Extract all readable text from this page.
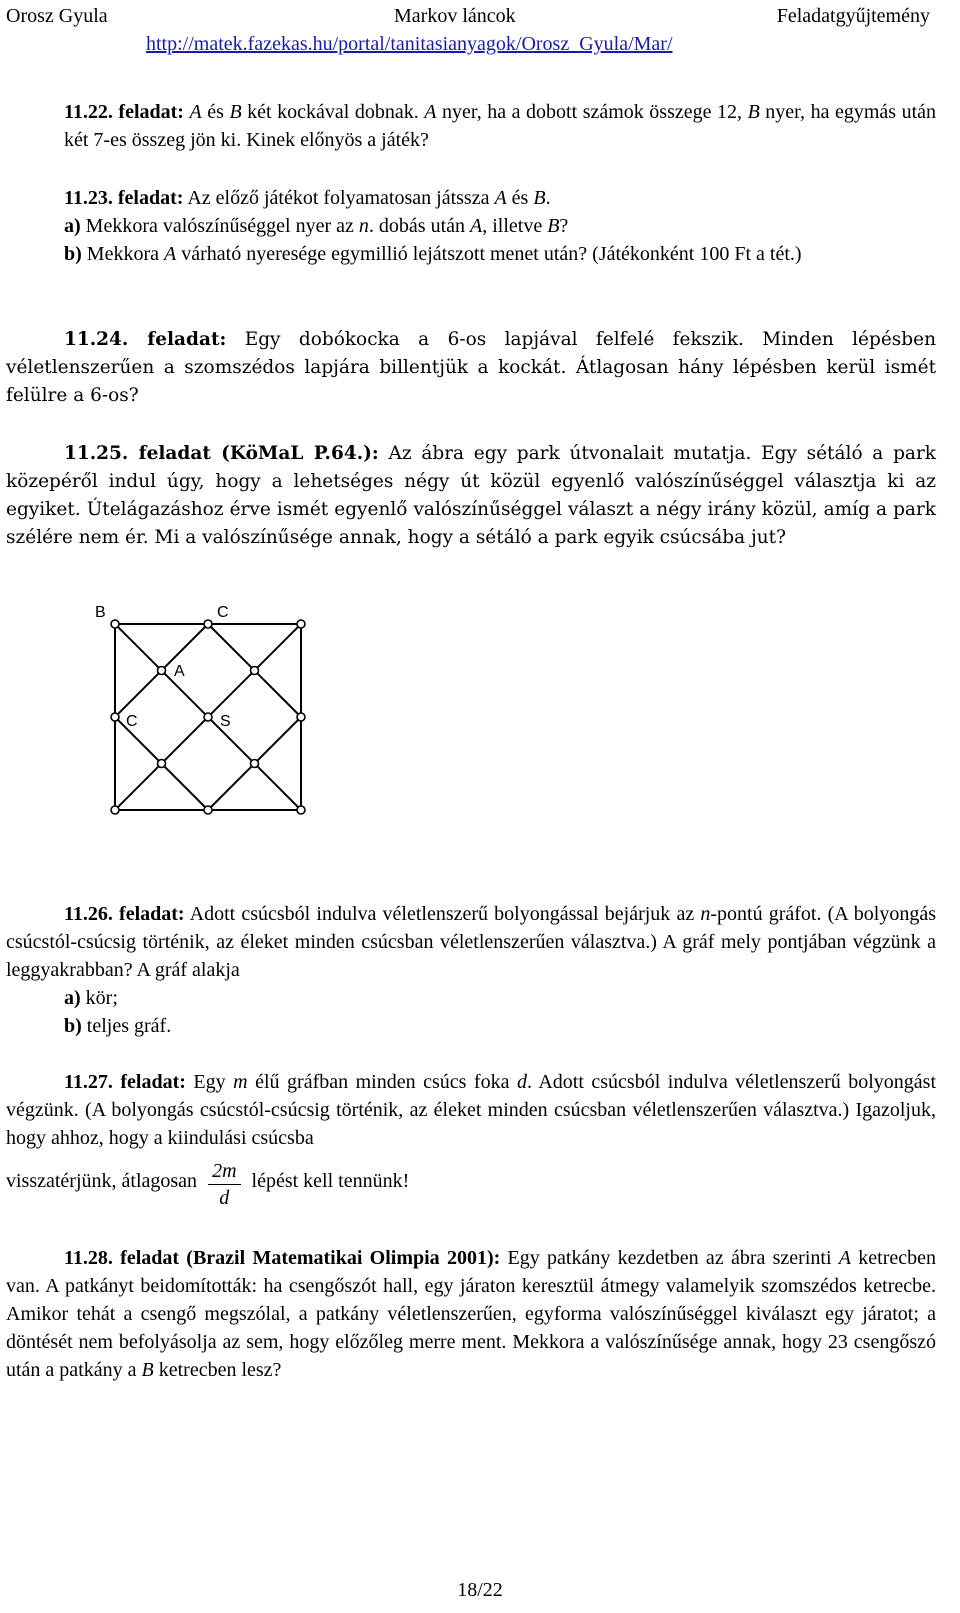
Orosz Gyula	Markov láncok	Feladatgyűjtemény
http://matek.fazekas.hu/portal/tanitasianyagok/Orosz_Gyula/Mar/
11.22. feladat: A és B két kockával dobnak. A nyer, ha a dobott számok összege 12, B nyer, ha egymás után két 7-es összeg jön ki. Kinek előnyös a játék?
11.23. feladat: Az előző játékot folyamatosan játssza A és B.
a) Mekkora valószínűséggel nyer az n. dobás után A, illetve B?
b) Mekkora A várható nyeresége egymillió lejátszott menet után? (Játékonként 100 Ft a tét.)
11.24. feladat: Egy dobókocka a 6-os lapjával felfelé fekszik. Minden lépésben véletlenszerűen a szomszédos lapjára billentjük a kockát. Átlagosan hány lépésben kerül ismét felülre a 6-os?
11.25. feladat (KöMaL P.64.): Az ábra egy park útvonalait mutatja. Egy sétáló a park közepéről indul úgy, hogy a lehetséges négy út közül egyenlő valószínűséggel választja ki az egyiket. Útelágazáshoz érve ismét egyenlő valószínűséggel választ a négy irány közül, amíg a park szélére nem ér. Mi a valószínűsége annak, hogy a sétáló a park egyik csúcsába jut?
B	C
A
C	S
11.26. feladat: Adott csúcsból indulva véletlenszerű bolyongással bejárjuk az n-pontú gráfot. (A bolyongás csúcstól-csúcsig történik, az éleket minden csúcsban véletlenszerűen választva.) A gráf mely pontjában végzünk a leggyakrabban? A gráf alakja
a) kör;
b) teljes gráf.
11.27. feladat: Egy m élű gráfban minden csúcs foka d. Adott csúcsból indulva véletlenszerű bolyongást végzünk. (A bolyongás csúcstól-csúcsig történik, az éleket minden csúcsban véletlenszerűen választva.) Igazoljuk, hogy ahhoz, hogy a kiindulási csúcsba
visszatérjünk, átlagosan $\frac{2m}{d}$ lépést kell tennünk!
11.28. feladat (Brazil Matematikai Olimpia 2001): Egy patkány kezdetben az ábra szerinti A ketrecben van. A patkányt beidomították: ha csengőszót hall, egy járaton keresztül átmegy valamelyik szomszédos ketrecbe. Amikor tehát a csengő megszólal, a patkány véletlenszerűen, egyforma valószínűséggel kiválaszt egy járatot; a döntését nem befolyásolja az sem, hogy előzőleg merre ment. Mekkora a valószínűsége annak, hogy 23 csengőszó után a patkány a B ketrecben lesz?
18/22
